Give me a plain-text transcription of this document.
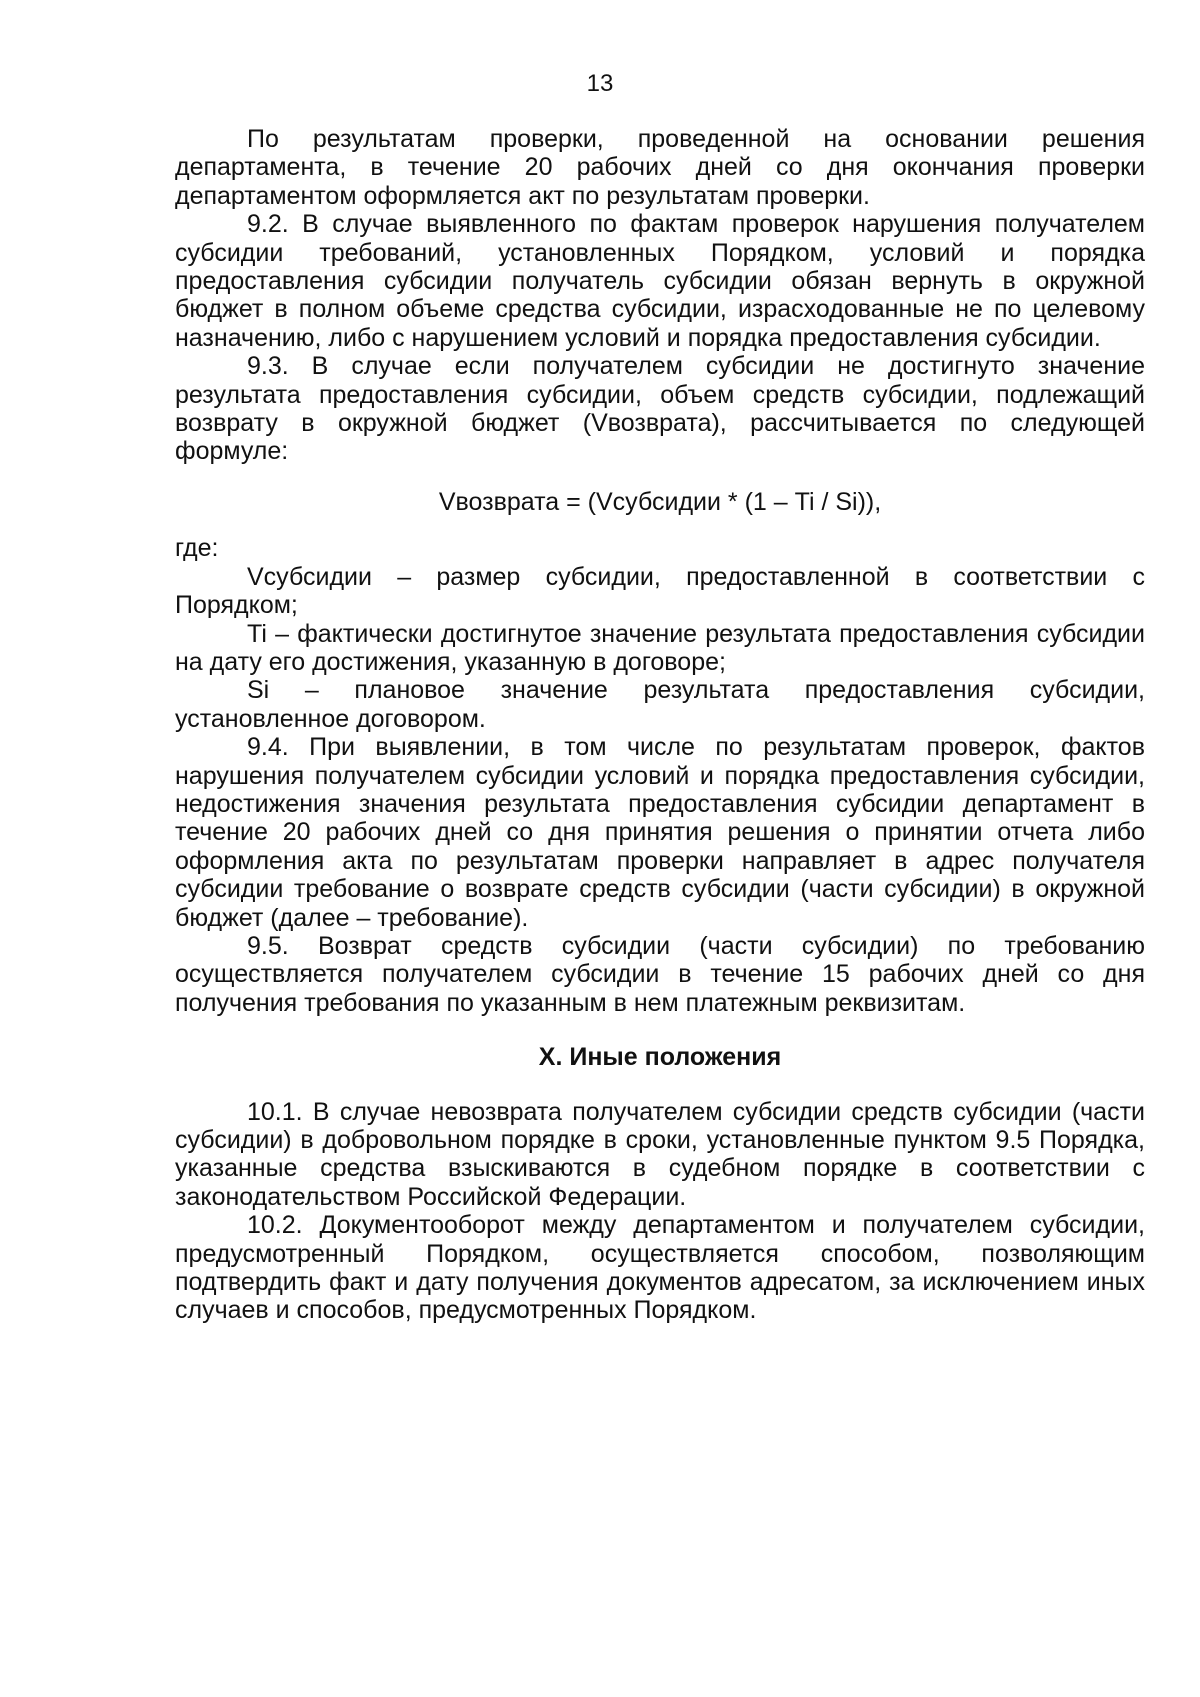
13

По результатам проверки, проведенной на основании решения департамента, в течение 20 рабочих дней со дня окончания проверки департаментом оформляется акт по результатам проверки.

9.2. В случае выявленного по фактам проверок нарушения получателем субсидии требований, установленных Порядком, условий и порядка предоставления субсидии получатель субсидии обязан вернуть в окружной бюджет в полном объеме средства субсидии, израсходованные не по целевому назначению, либо с нарушением условий и порядка предоставления субсидии.

9.3. В случае если получателем субсидии не достигнуто значение результата предоставления субсидии, объем средств субсидии, подлежащий возврату в окружной бюджет (Vвозврата), рассчитывается по следующей формуле:

Vвозврата = (Vсубсидии * (1 – Ti / Si)),

где:

Vсубсидии – размер субсидии, предоставленной в соответствии с Порядком;

Ti – фактически достигнутое значение результата предоставления субсидии на дату его достижения, указанную в договоре;

Si – плановое значение результата предоставления субсидии, установленное договором.

9.4. При выявлении, в том числе по результатам проверок, фактов нарушения получателем субсидии условий и порядка предоставления субсидии, недостижения значения результата предоставления субсидии департамент в течение 20 рабочих дней со дня принятия решения о принятии отчета либо оформления акта по результатам проверки направляет в адрес получателя субсидии требование о возврате средств субсидии (части субсидии) в окружной бюджет (далее – требование).

9.5. Возврат средств субсидии (части субсидии) по требованию осуществляется получателем субсидии в течение 15 рабочих дней со дня получения требования по указанным в нем платежным реквизитам.

X. Иные положения

10.1. В случае невозврата получателем субсидии средств субсидии (части субсидии) в добровольном порядке в сроки, установленные пунктом 9.5 Порядка, указанные средства взыскиваются в судебном порядке в соответствии с законодательством Российской Федерации.

10.2. Документооборот между департаментом и получателем субсидии, предусмотренный Порядком, осуществляется способом, позволяющим подтвердить факт и дату получения документов адресатом, за исключением иных случаев и способов, предусмотренных Порядком.
